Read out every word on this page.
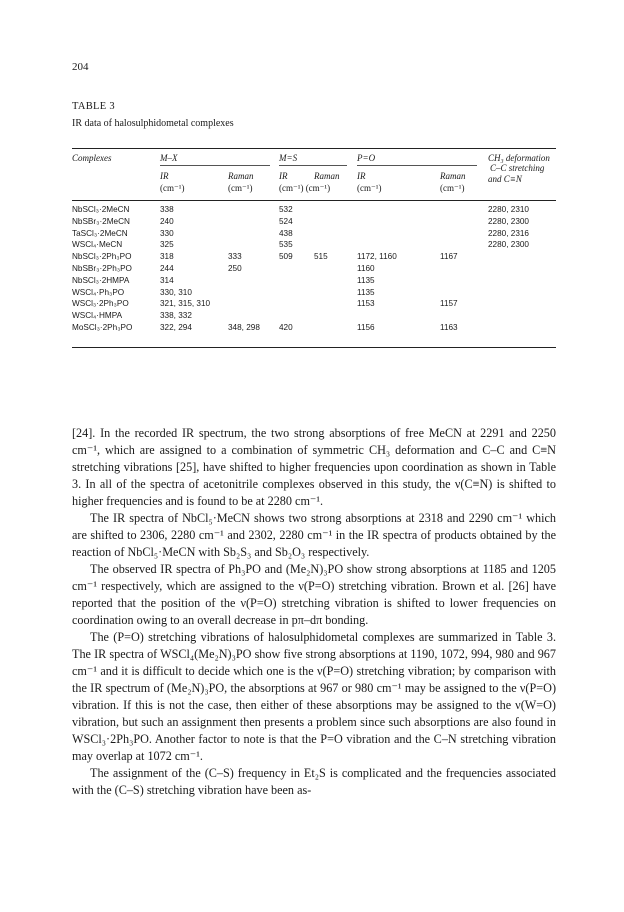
204
TABLE 3
IR data of halosulphidometal complexes
Complexes	M–X	M=S	P=O	CH₃ deformation
C–C stretching
and C≡N
IR	Raman	IR	Raman IR	Raman
(cm⁻¹)	(cm⁻¹)	(cm⁻¹) (cm⁻¹)	(cm⁻¹)	(cm⁻¹)
NbSCl₃·2MeCN	338		532				2280, 2310
NbSBr₃·2MeCN	240		524				2280, 2300
TaSCl₃·2MeCN	330		438				2280, 2316
WSCl₄·MeCN	325		535				2280, 2300
NbSCl₃·2Ph₃PO	318	333	509	515	1172, 1160	1167	
NbSBr₃·2Ph₃PO	244	250			1160		
NbSCl₃·2HMPA	314				1135		
WSCl₄·Ph₃PO	330, 310				1135		
WSCl₃·2Ph₃PO	321, 315, 310				1153	1157	
WSCl₄·HMPA	338, 332						
MoSCl₃·2Ph₃PO	322, 294	348, 298	420		1156	1163	

[24]. In the recorded IR spectrum, the two strong absorptions of free MeCN at 2291 and 2250 cm⁻¹, which are assigned to a combination of symmetric CH₃ deformation and C–C and C≡N stretching vibrations [25], have shifted to higher frequencies upon coordination as shown in Table 3. In all of the spectra of acetonitrile complexes observed in this study, the ν(C≡N) is shifted to higher frequencies and is found to be at 2280 cm⁻¹.

The IR spectra of NbCl₅·MeCN shows two strong absorptions at 2318 and 2290 cm⁻¹ which are shifted to 2306, 2280 cm⁻¹ and 2302, 2280 cm⁻¹ in the IR spectra of products obtained by the reaction of NbCl₅·MeCN with Sb₂S₃ and Sb₂O₃ respectively.

The observed IR spectra of Ph₃PO and (Me₂N)₃PO show strong absorptions at 1185 and 1205 cm⁻¹ respectively, which are assigned to the ν(P=O) stretching vibration. Brown et al. [26] have reported that the position of the ν(P=O) stretching vibration is shifted to lower frequencies on coordination owing to an overall decrease in pπ–dπ bonding.

The (P=O) stretching vibrations of halosulphidometal complexes are summarized in Table 3. The IR spectra of WSCl₄(Me₂N)₃PO show five strong absorptions at 1190, 1072, 994, 980 and 967 cm⁻¹ and it is difficult to decide which one is the ν(P=O) stretching vibration; by comparison with the IR spectrum of (Me₂N)₃PO, the absorptions at 967 or 980 cm⁻¹ may be assigned to the ν(P=O) vibration. If this is not the case, then either of these absorptions may be assigned to the ν(W=O) vibration, but such an assignment then presents a problem since such absorptions are also found in WSCl₃·2Ph₃PO. Another factor to note is that the P=O vibration and the C–N stretching vibration may overlap at 1072 cm⁻¹.

The assignment of the (C–S) frequency in Et₂S is complicated and the frequencies associated with the (C–S) stretching vibration have been as-
